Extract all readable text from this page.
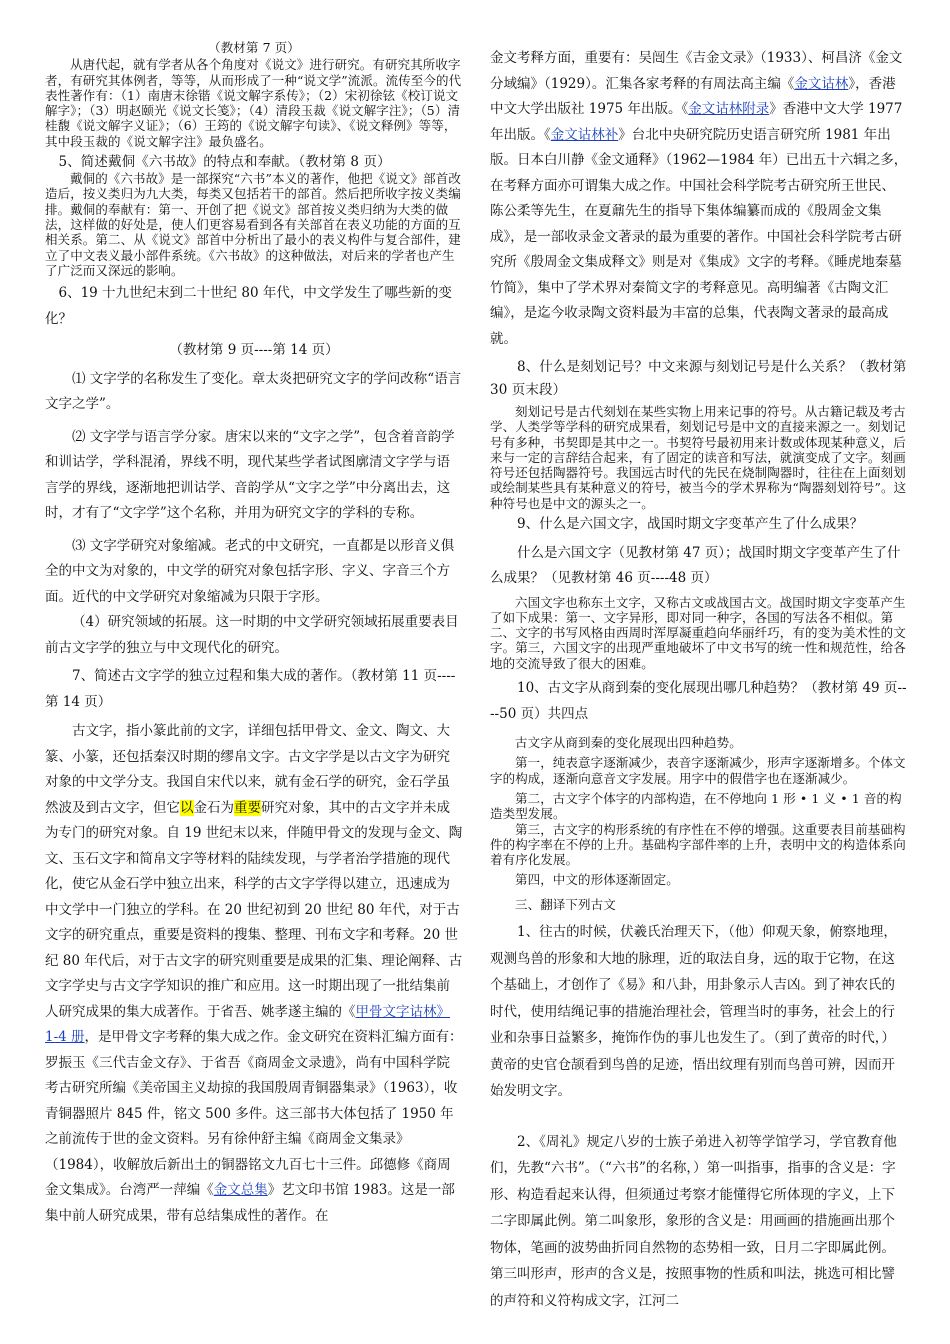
（教材第 7 页）

从唐代起，就有学者从各个角度对《说文》进行研究。有研究其所收字者，有研究其体例者，等等，从而形成了一种“说文学”流派。流传至今的代表性著作有：（1）南唐末徐锴《说文解字系传》；（2）宋初徐铉《校订说文解字》；（3）明赵颐光《说文长笺》；（4）清段玉裁《说文解字注》；（5）清桂馥《说文解字义证》；（6）王筠的《说文解字句读》、《说文释例》等等，其中段玉裁的《说文解字注》最负盛名。

5、简述戴侗《六书故》的特点和奉献。（教材第 8 页）

戴侗的《六书故》是一部探究“六书”本义的著作，他把《说文》部首改造后，按义类归为九大类，每类又包括若干的部首。然后把所收字按义类编排。戴侗的奉献有：第一、开创了把《说文》部首按义类归纳为大类的做法，这样做的好处是，使人们更容易看到各有关部首在表义功能的方面的互相关系。第二、从《说文》部首中分析出了最小的表义构件与复合部件，建立了中文表义最小部件系统。《六书故》的这种做法，对后来的学者也产生了广泛而又深远的影响。

6、19 十九世纪末到二十世纪 80 年代，中文学发生了哪些新的变化？

（教材第 9 页----第 14 页）

⑴ 文字学的名称发生了变化。章太炎把研究文字的学问改称“语言文字之学”。

⑵ 文字学与语言学分家。唐宋以来的“文字之学”，包含着音韵学和训诂学，学科混淆，界线不明，现代某些学者试图廓清文字学与语言学的界线，逐渐地把训诂学、音韵学从“文字之学”中分离出去，这时，才有了“文字学”这个名称，并用为研究文字的学科的专称。

⑶ 文字学研究对象缩减。老式的中文研究，一直都是以形音义俱全的中文为对象的，中文学的研究对象包括字形、字义、字音三个方面。近代的中文学研究对象缩减为只限于字形。

（4）研究领域的拓展。这一时期的中文学研究领域拓展重要表目前古文字学的独立与中文现代化的研究。

7、简述古文字学的独立过程和集大成的著作。（教材第 11 页----第 14 页）

古文字，指小篆此前的文字，详细包括甲骨文、金文、陶文、大篆、小篆，还包括秦汉时期的缪帛文字。古文字学是以古文字为研究对象的中文学分支。我国自宋代以来，就有金石学的研究，金石学虽然波及到古文字，但它以金石为重要研究对象，其中的古文字并未成为专门的研究对象。自 19 世纪末以来，伴随甲骨文的发现与金文、陶文、玉石文字和简帛文字等材料的陆续发现，与学者治学措施的现代化，使它从金石学中独立出来，科学的古文字学得以建立，迅速成为中文学中一门独立的学科。在 20 世纪初到 20 世纪 80 年代，对于古文字的研究重点，重要是资料的搜集、整理、刊布文字和考释。20 世纪 80 年代后，对于古文字的研究则重要是成果的汇集、理论阐释、古文字学史与古文字学知识的推广和应用。这一时期出现了一批结集前人研究成果的集大成著作。于省吾、姚孝遂主编的《甲骨文字诂林》1-4 册，是甲骨文字考释的集大成之作。金文研究在资料汇编方面有：罗振玉《三代吉金文存》、于省吾《商周金文录遗》，尚有中国科学院考古研究所编《美帝国主义劫掠的我国殷周青铜器集录》（1963），收青铜器照片 845 件，铭文 500 多件。这三部书大体包括了 1950 年之前流传于世的金文资料。另有徐仲舒主编《商周金文集录》（1984），收解放后新出土的铜器铭文九百七十三件。邱德修《商周金文集成》。台湾严一萍编《金文总集》艺文印书馆 1983。这是一部集中前人研究成果，带有总结集成性的著作。在

金文考释方面，重要有：吴闿生《吉金文录》（1933）、柯昌济《金文分域编》（1929）。汇集各家考释的有周法高主编《金文诂林》，香港中文大学出版社 1975 年出版。《金文诂林附录》香港中文大学 1977 年出版。《金文诂林补》台北中央研究院历史语言研究所 1981 年出版。日本白川静《金文通释》（1962—1984 年）已出五十六辑之多，在考释方面亦可谓集大成之作。中国社会科学院考古研究所王世民、陈公柔等先生，在夏鼐先生的指导下集体编纂而成的《殷周金文集成》，是一部收录金文著录的最为重要的著作。中国社会科学院考古研究所《殷周金文集成释文》则是对《集成》文字的考释。《睡虎地秦墓竹简》，集中了学术界对秦简文字的考释意见。高明编著《古陶文汇编》，是迄今收录陶文资料最为丰富的总集，代表陶文著录的最高成就。

8、什么是刻划记号？中文来源与刻划记号是什么关系？（教材第 30 页末段）

刻划记号是古代刻划在某些实物上用来记事的符号。从古籍记载及考古学、人类学等学科的研究成果看，刻划记号是中文的直接来源之一。刻划记号有多种，书契即是其中之一。书契符号最初用来计数或体现某种意义，后来与一定的言辞结合起来，有了固定的读音和写法，就演变成了文字。刻画符号还包括陶器符号。我国远古时代的先民在烧制陶器时，往往在上面刻划或绘制某些具有某种意义的符号，被当今的学术界称为“陶器刻划符号”。这种符号也是中文的源头之一。

9、什么是六国文字，战国时期文字变革产生了什么成果？

什么是六国文字（见教材第 47 页）；战国时期文字变革产生了什么成果？（见教材第 46 页----48 页）

六国文字也称东土文字，又称古文或战国古文。战国时期文字变革产生了如下成果：第一、文字异形，即对同一种字，各国的写法各不相似。第二、文字的书写风格由西周时浑厚凝重趋向华丽纤巧，有的变为美术性的文字。第三，六国文字的出现严重地破坏了中文书写的统一性和规范性，给各地的交流导致了很大的困难。

10、古文字从商到秦的变化展现出哪几种趋势？（教材第 49 页----50 页）共四点

古文字从商到秦的变化展现出四种趋势。

第一，纯表意字逐渐减少，表音字逐渐减少，形声字逐渐增多。个体文字的构成，逐渐向意音文字发展。用字中的假借字也在逐渐减少。

第二，古文字个体字的内部构造，在不停地向 1 形 • 1 义 • 1 音的构造类型发展。

第三，古文字的构形系统的有序性在不停的增强。这重要表目前基础构件的构字率在不停的上升。基础构字部件率的上升，表明中文的构造体系向着有序化发展。

第四，中文的形体逐渐固定。

三、翻译下列古文

1、往古的时候，伏羲氏治理天下，（他）仰观天象，俯察地理，观测鸟兽的形象和大地的脉理，近的取法自身，远的取于它物，在这个基础上，才创作了《易》和八卦，用卦象示人吉凶。到了神农氏的时代，使用结绳记事的措施治理社会，管理当时的事务，社会上的行业和杂事日益繁多，掩饰作伪的事儿也发生了。（到了黄帝的时代，）黄帝的史官仓颉看到鸟兽的足迹，悟出纹理有别而鸟兽可辨，因而开始发明文字。

2、《周礼》规定八岁的士族子弟进入初等学馆学习，学官教育他们，先教“六书”。（“六书”的名称，）第一叫指事，指事的含义是：字形、构造看起来认得，但须通过考察才能懂得它所体现的字义，上下二字即属此例。第二叫象形，象形的含义是：用画画的措施画出那个物体，笔画的波势曲折同自然物的态势相一致，日月二字即属此例。第三叫形声，形声的含义是，按照事物的性质和叫法，挑选可相比譬的声符和义符构成文字，江河二
